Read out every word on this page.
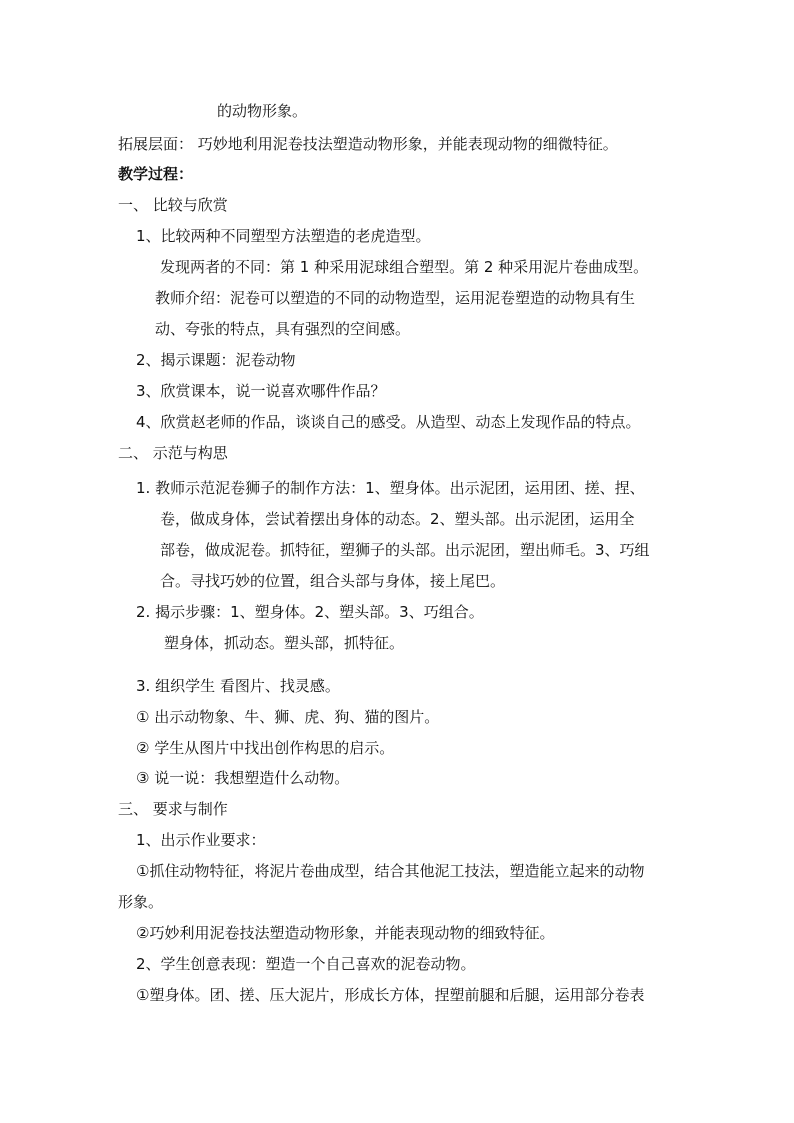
的动物形象。
拓展层面： 巧妙地利用泥卷技法塑造动物形象，并能表现动物的细微特征。
教学过程：
一、 比较与欣赏
1、比较两种不同塑型方法塑造的老虎造型。
发现两者的不同：第 1 种采用泥球组合塑型。第 2 种采用泥片卷曲成型。
教师介绍：泥卷可以塑造的不同的动物造型，运用泥卷塑造的动物具有生
动、夸张的特点，具有强烈的空间感。
2、揭示课题：泥卷动物
3、欣赏课本，说一说喜欢哪件作品？
4、欣赏赵老师的作品，谈谈自己的感受。从造型、动态上发现作品的特点。
二、 示范与构思
1. 教师示范泥卷狮子的制作方法：1、塑身体。出示泥团，运用团、搓、捏、
卷，做成身体，尝试着摆出身体的动态。2、塑头部。出示泥团，运用全
部卷，做成泥卷。抓特征，塑狮子的头部。出示泥团，塑出师毛。3、巧组
合。寻找巧妙的位置，组合头部与身体，接上尾巴。
2. 揭示步骤：1、塑身体。2、塑头部。3、巧组合。
塑身体，抓动态。塑头部，抓特征。
3. 组织学生 看图片、找灵感。
① 出示动物象、牛、狮、虎、狗、猫的图片。
② 学生从图片中找出创作构思的启示。
③ 说一说：我想塑造什么动物。
三、 要求与制作
1、出示作业要求：
①抓住动物特征，将泥片卷曲成型，结合其他泥工技法，塑造能立起来的动物
形象。
②巧妙利用泥卷技法塑造动物形象，并能表现动物的细致特征。
2、学生创意表现：塑造一个自己喜欢的泥卷动物。
①塑身体。团、搓、压大泥片，形成长方体，捏塑前腿和后腿，运用部分卷表
